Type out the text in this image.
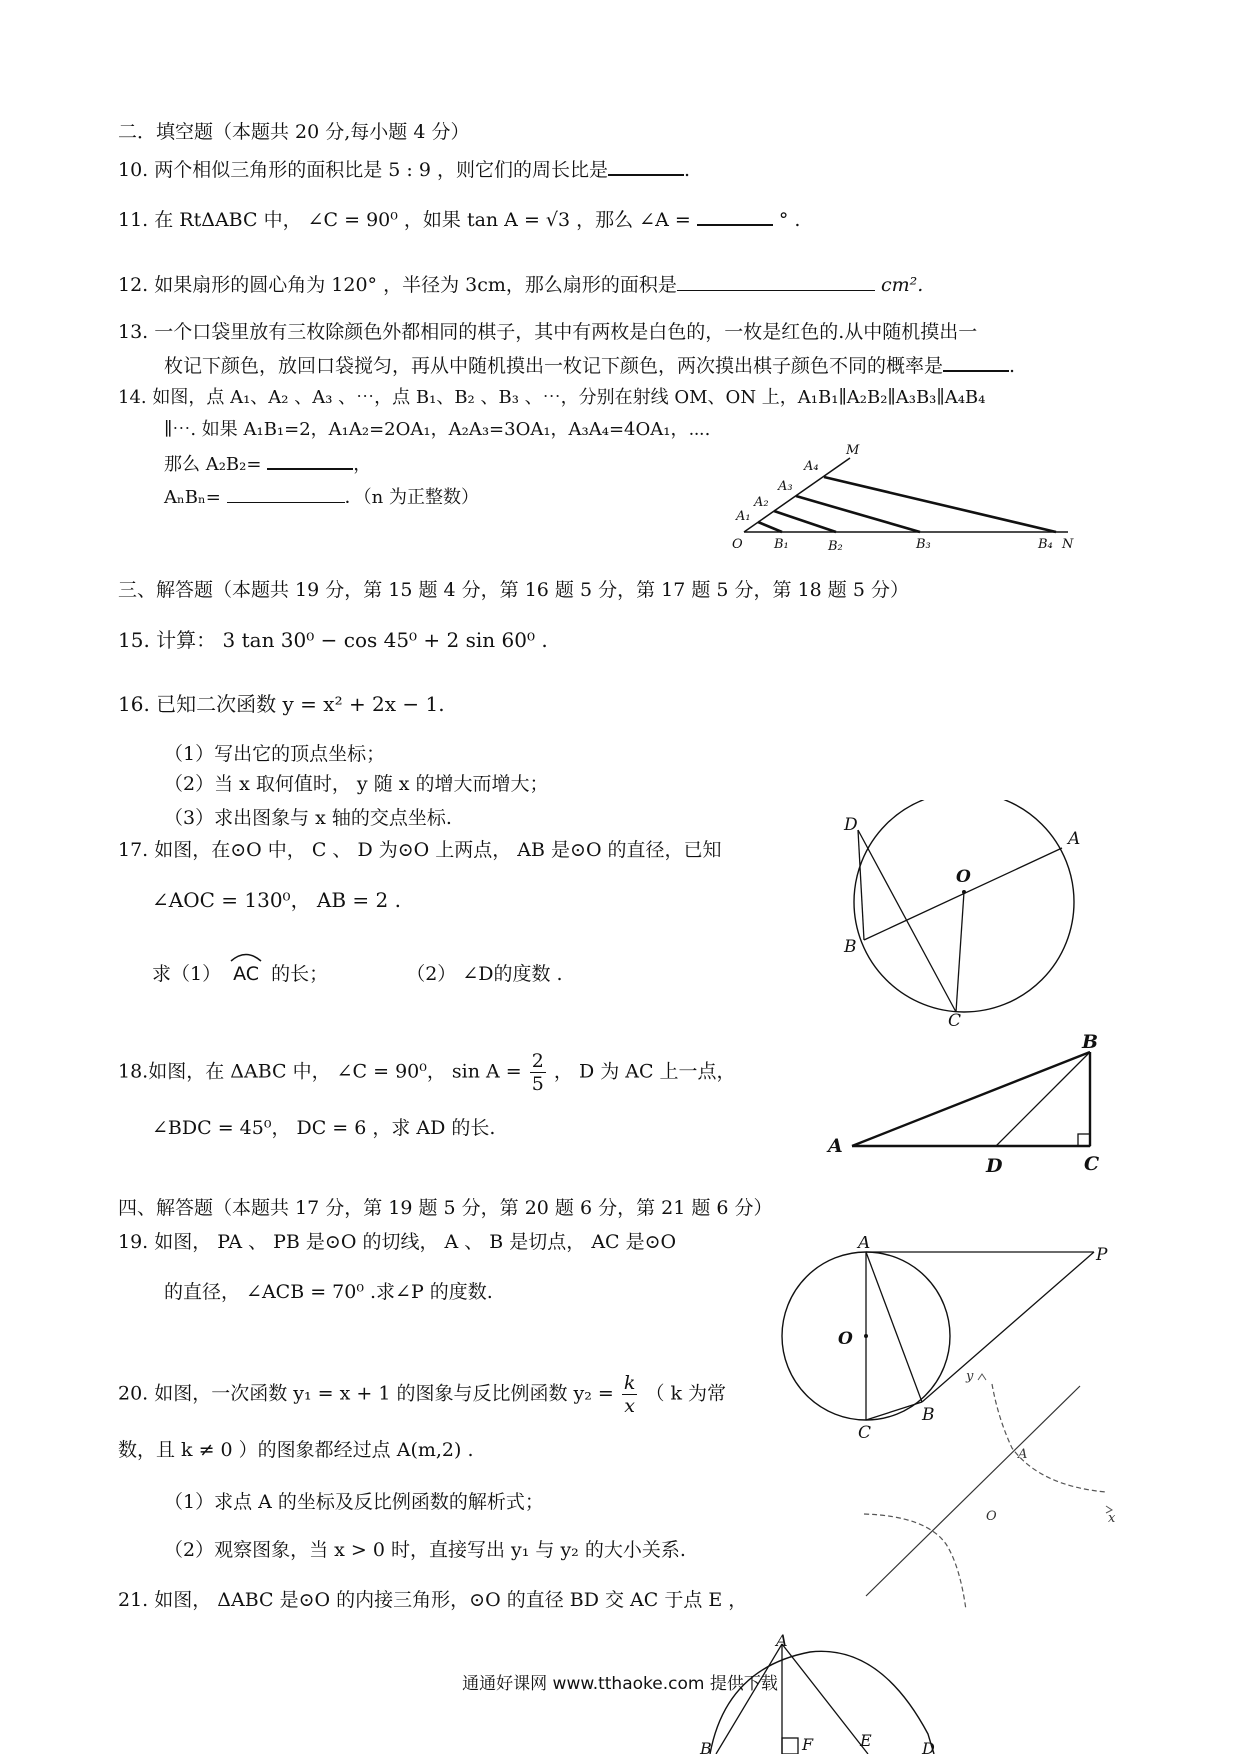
二．填空题（本题共 20 分,每小题 4 分）
10. 两个相似三角形的面积比是 5 : 9 ，则它们的周长比是	.
11. 在 RtΔABC 中， ∠C = 90⁰ ，如果 tan A = √3 ，那么 ∠A =	° .
12. 如果扇形的圆心角为 120° ，半径为 3cm，那么扇形的面积是	cm².
13. 一个口袋里放有三枚除颜色外都相同的棋子，其中有两枚是白色的，一枚是红色的.从中随机摸出一
枚记下颜色，放回口袋搅匀，再从中随机摸出一枚记下颜色，两次摸出棋子颜色不同的概率是	.
14. 如图，点 A₁、A₂ 、A₃ 、⋯，点 B₁、B₂ 、B₃ 、⋯，分别在射线 OM、ON 上，A₁B₁∥A₂B₂∥A₃B₃∥A₄B₄
∥⋯. 如果 A₁B₁=2，A₁A₂=2OA₁，A₂A₃=3OA₁，A₃A₄=4OA₁，⋯.
那么 A₂B₂=	，
AₙBₙ=	．（n 为正整数）
O
M
N
A₁
A₂
A₃
A₄
B₁	B₂	B₃	B₄
三、解答题（本题共 19 分，第 15 题 4 分，第 16 题 5 分，第 17 题 5 分，第 18 题 5 分）
15. 计算： 3 tan 30⁰ − cos 45⁰ + 2 sin 60⁰ .
16. 已知二次函数 y = x² + 2x − 1.
（1）写出它的顶点坐标；
（2）当 x 取何值时， y 随 x 的增大而增大；
（3）求出图象与 x 轴的交点坐标.
17. 如图，在⊙O 中， C 、 D 为⊙O 上两点， AB 是⊙O 的直径，已知
∠AOC = 130⁰， AB = 2 .
求（1） AC 的长；	（2） ∠D的度数 .
D
A
O
B
C
18.如图，在 ΔABC 中， ∠C = 90⁰， $\sin A = \frac{2}{5}$ ， D 为 AC 上一点，
∠BDC = 45⁰， DC = 6 ，求 AD 的长.
A
B
C
D
四、解答题（本题共 17 分，第 19 题 5 分，第 20 题 6 分，第 21 题 6 分）
19. 如图， PA 、 PB 是⊙O 的切线， A 、 B 是切点， AC 是⊙O
的直径， ∠ACB = 70⁰ .求∠P 的度数.
A
P
O
B
C
20. 如图，一次函数 y₁ = x + 1 的图象与反比例函数 $y_2 = \frac{k}{x}$ （ k 为常
数，且 k ≠ 0 ）的图象都经过点 A(m,2) .
（1）求点 A 的坐标及反比例函数的解析式；
（2）观察图象，当 x > 0 时，直接写出 y₁ 与 y₂ 的大小关系.
y
x
A
O
21. 如图， ΔABC 是⊙O 的内接三角形，⊙O 的直径 BD 交 AC 于点 E ，
A
B	F	E	D
通通好课网 www.tthaoke.com 提供下载
